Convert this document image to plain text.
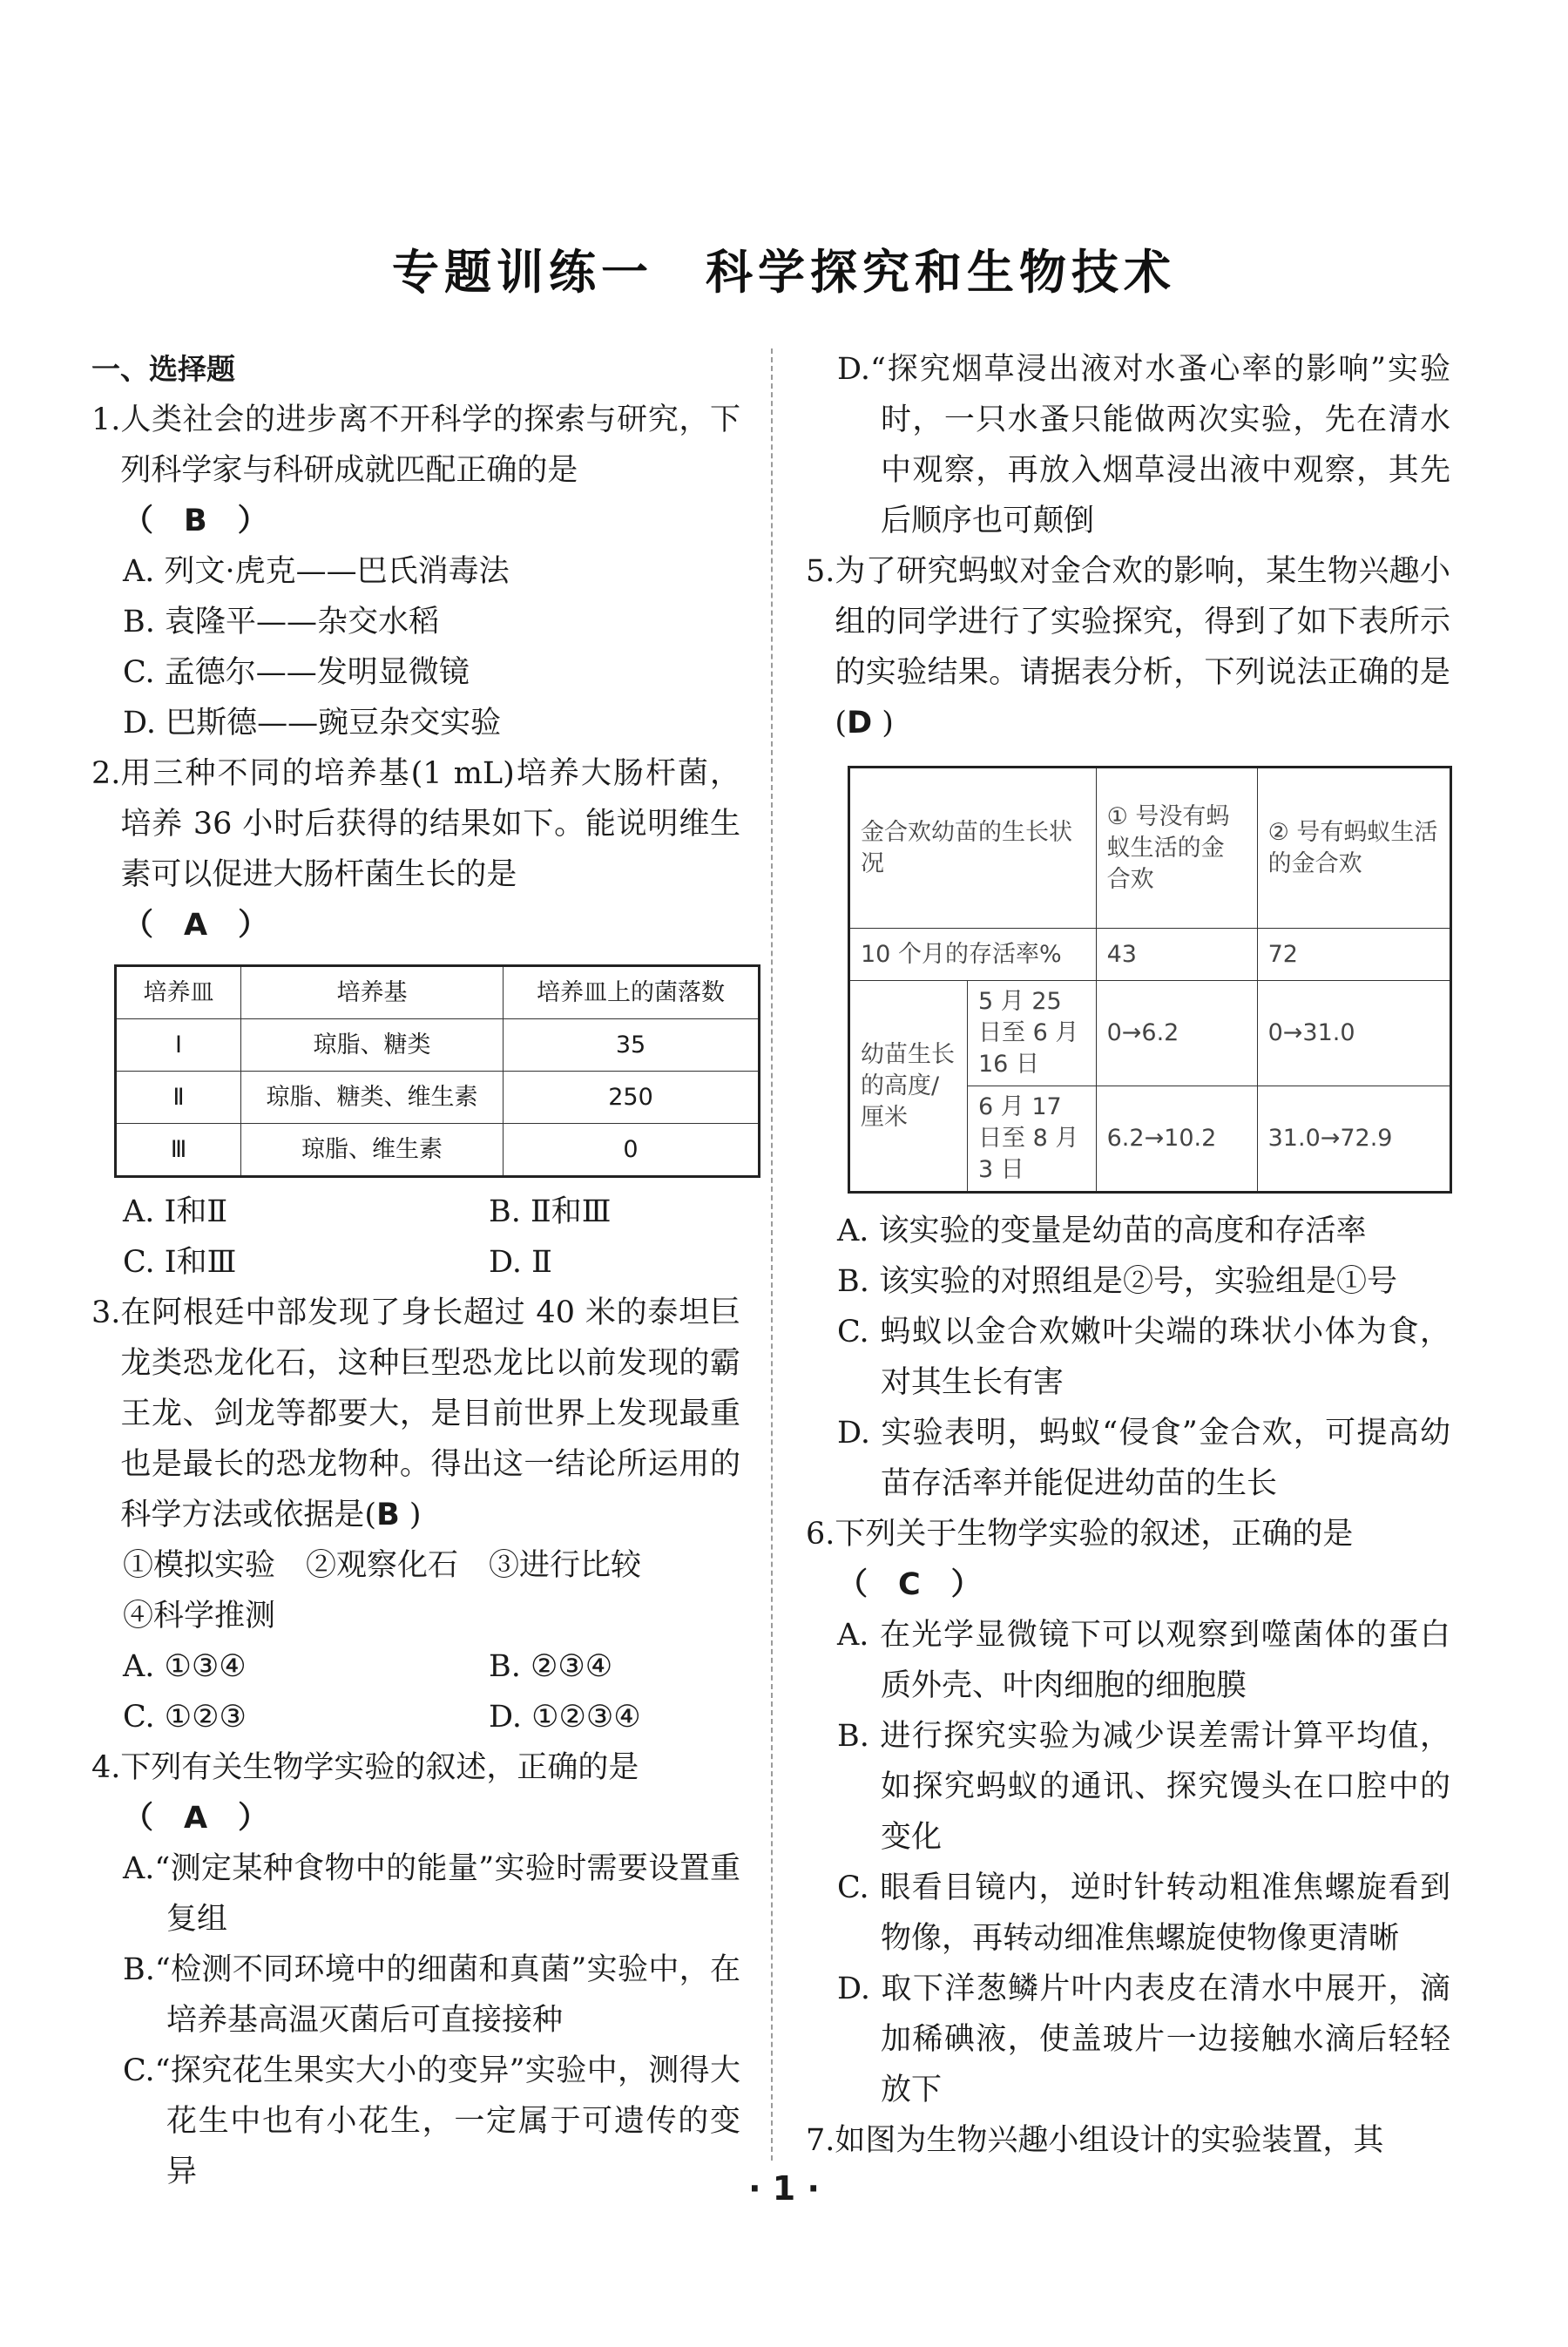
专题训练一　科学探究和生物技术

一、选择题

1. 人类社会的进步离不开科学的探索与研究，下列科学家与科研成就匹配正确的是
（　B　）
A. 列文·虎克——巴氏消毒法
B. 袁隆平——杂交水稻
C. 孟德尔——发明显微镜
D. 巴斯德——豌豆杂交实验
2. 用三种不同的培养基(1 mL)培养大肠杆菌，培养 36 小时后获得的结果如下。能说明维生素可以促进大肠杆菌生长的是
（　A　）
培养皿	培养基	培养皿上的菌落数
Ⅰ	琼脂、糖类	35
Ⅱ	琼脂、糖类、维生素	250
Ⅲ	琼脂、维生素	0
A. Ⅰ和Ⅱ	B. Ⅱ和Ⅲ
C. Ⅰ和Ⅲ	D. Ⅱ
3. 在阿根廷中部发现了身长超过 40 米的泰坦巨龙类恐龙化石，这种巨型恐龙比以前发现的霸王龙、剑龙等都要大，是目前世界上发现最重也是最长的恐龙物种。得出这一结论所运用的科学方法或依据是(B )
①模拟实验　②观察化石　③进行比较
④科学推测
A. ①③④	B. ②③④
C. ①②③	D. ①②③④
4. 下列有关生物学实验的叙述，正确的是
（　A　）
A.“测定某种食物中的能量”实验时需要设置重复组
B.“检测不同环境中的细菌和真菌”实验中，在培养基高温灭菌后可直接接种
C.“探究花生果实大小的变异”实验中，测得大花生中也有小花生，一定属于可遗传的变异
D.“探究烟草浸出液对水蚤心率的影响”实验时，一只水蚤只能做两次实验，先在清水中观察，再放入烟草浸出液中观察，其先后顺序也可颠倒
5. 为了研究蚂蚁对金合欢的影响，某生物兴趣小组的同学进行了实验探究，得到了如下表所示的实验结果。请据表分析，下列说法正确的是(D )
金合欢幼苗的生长状况		① 号没有蚂蚁生活的金合欢	② 号有蚂蚁生活的金合欢
10 个月的存活率%		43	72
幼苗生长的高度/厘米	5 月 25 日至 6 月 16 日	0→6.2	0→31.0
	6 月 17 日至 8 月 3 日	6.2→10.2	31.0→72.9
A. 该实验的变量是幼苗的高度和存活率
B. 该实验的对照组是②号，实验组是①号
C. 蚂蚁以金合欢嫩叶尖端的珠状小体为食，对其生长有害
D. 实验表明，蚂蚁“侵食”金合欢，可提高幼苗存活率并能促进幼苗的生长
6. 下列关于生物学实验的叙述，正确的是
（　C　）
A. 在光学显微镜下可以观察到噬菌体的蛋白质外壳、叶肉细胞的细胞膜
B. 进行探究实验为减少误差需计算平均值，如探究蚂蚁的通讯、探究馒头在口腔中的变化
C. 眼看目镜内，逆时针转动粗准焦螺旋看到物像，再转动细准焦螺旋使物像更清晰
D. 取下洋葱鳞片叶内表皮在清水中展开，滴加稀碘液，使盖玻片一边接触水滴后轻轻放下
7. 如图为生物兴趣小组设计的实验装置，其
· 1 ·
